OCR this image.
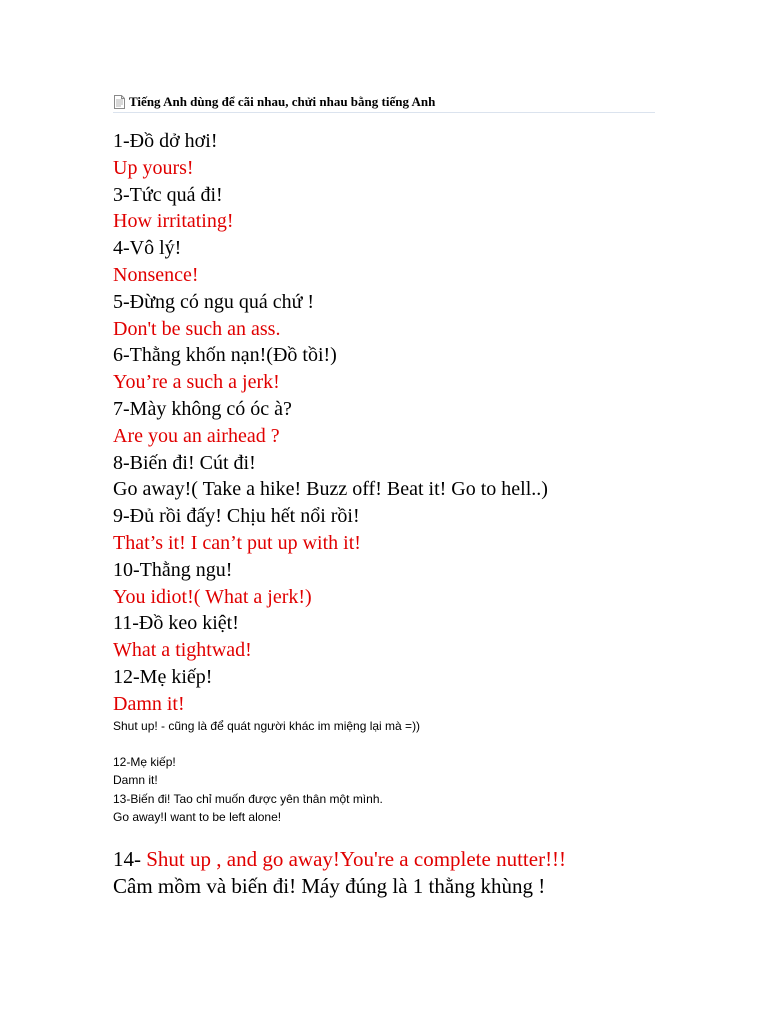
Tiếng Anh dùng để cãi nhau, chửi nhau bằng tiếng Anh
1-Đồ dở hơi!
Up yours!
3-Tức quá đi!
How irritating!
4-Vô lý!
Nonsence!
5-Đừng có ngu quá chứ !
Don't be such an ass.
6-Thằng khốn nạn!(Đồ tồi!)
You’re a such a jerk!
7-Mày không có óc à?
Are you an airhead ?
8-Biến đi! Cút đi!
Go away!( Take a hike! Buzz off! Beat it! Go to hell..)
9-Đủ rồi đấy! Chịu hết nổi rồi!
That’s it! I can’t put up with it!
10-Thằng ngu!
You idiot!( What a jerk!)
11-Đồ keo kiệt!
What a tightwad!
12-Mẹ kiếp!
Damn it!
Shut up! - cũng là để quát người khác im miệng lại mà =))
12-Mẹ kiếp!
Damn it!
13-Biến đi! Tao chỉ muốn được yên thân một mình.
Go away!I want to be left alone!
14- Shut up , and go away!You're a complete nutter!!!
Câm mồm và biến đi! Máy đúng là 1 thằng khùng !
